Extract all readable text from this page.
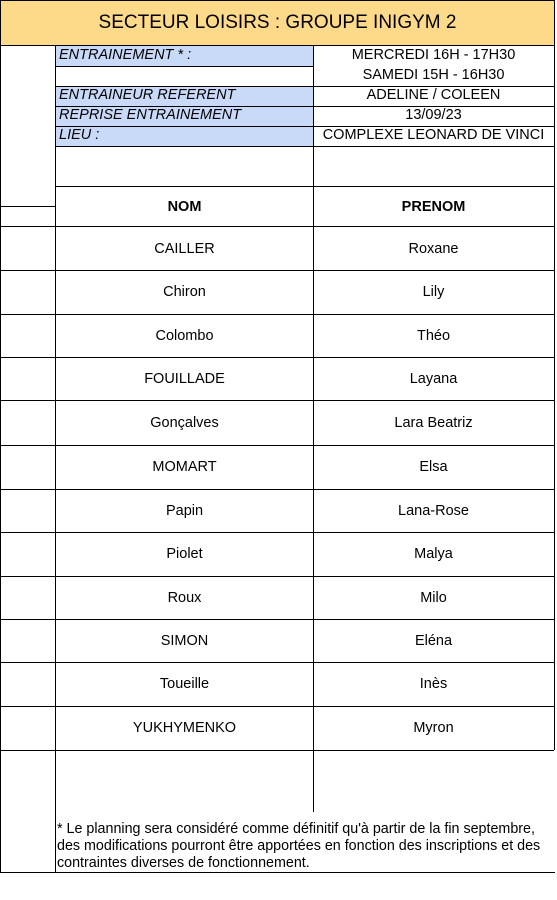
SECTEUR LOISIRS : GROUPE INIGYM 2
ENTRAINEMENT * :	MERCREDI 16H - 17H30
SAMEDI 15H - 16H30
ENTRAINEUR REFERENT	ADELINE / COLEEN
REPRISE ENTRAINEMENT	13/09/23
LIEU :	COMPLEXE LEONARD DE VINCI
NOM	PRENOM
CAILLER	Roxane
Chiron	Lily
Colombo	Théo
FOUILLADE	Layana
Gonçalves	Lara Beatriz
MOMART	Elsa
Papin	Lana-Rose
Piolet	Malya
Roux	Milo
SIMON	Eléna
Toueille	Inès
YUKHYMENKO	Myron
* Le planning sera considéré comme définitif qu'à partir de la fin septembre, des modifications pourront être apportées en fonction des inscriptions et des contraintes diverses de fonctionnement.
